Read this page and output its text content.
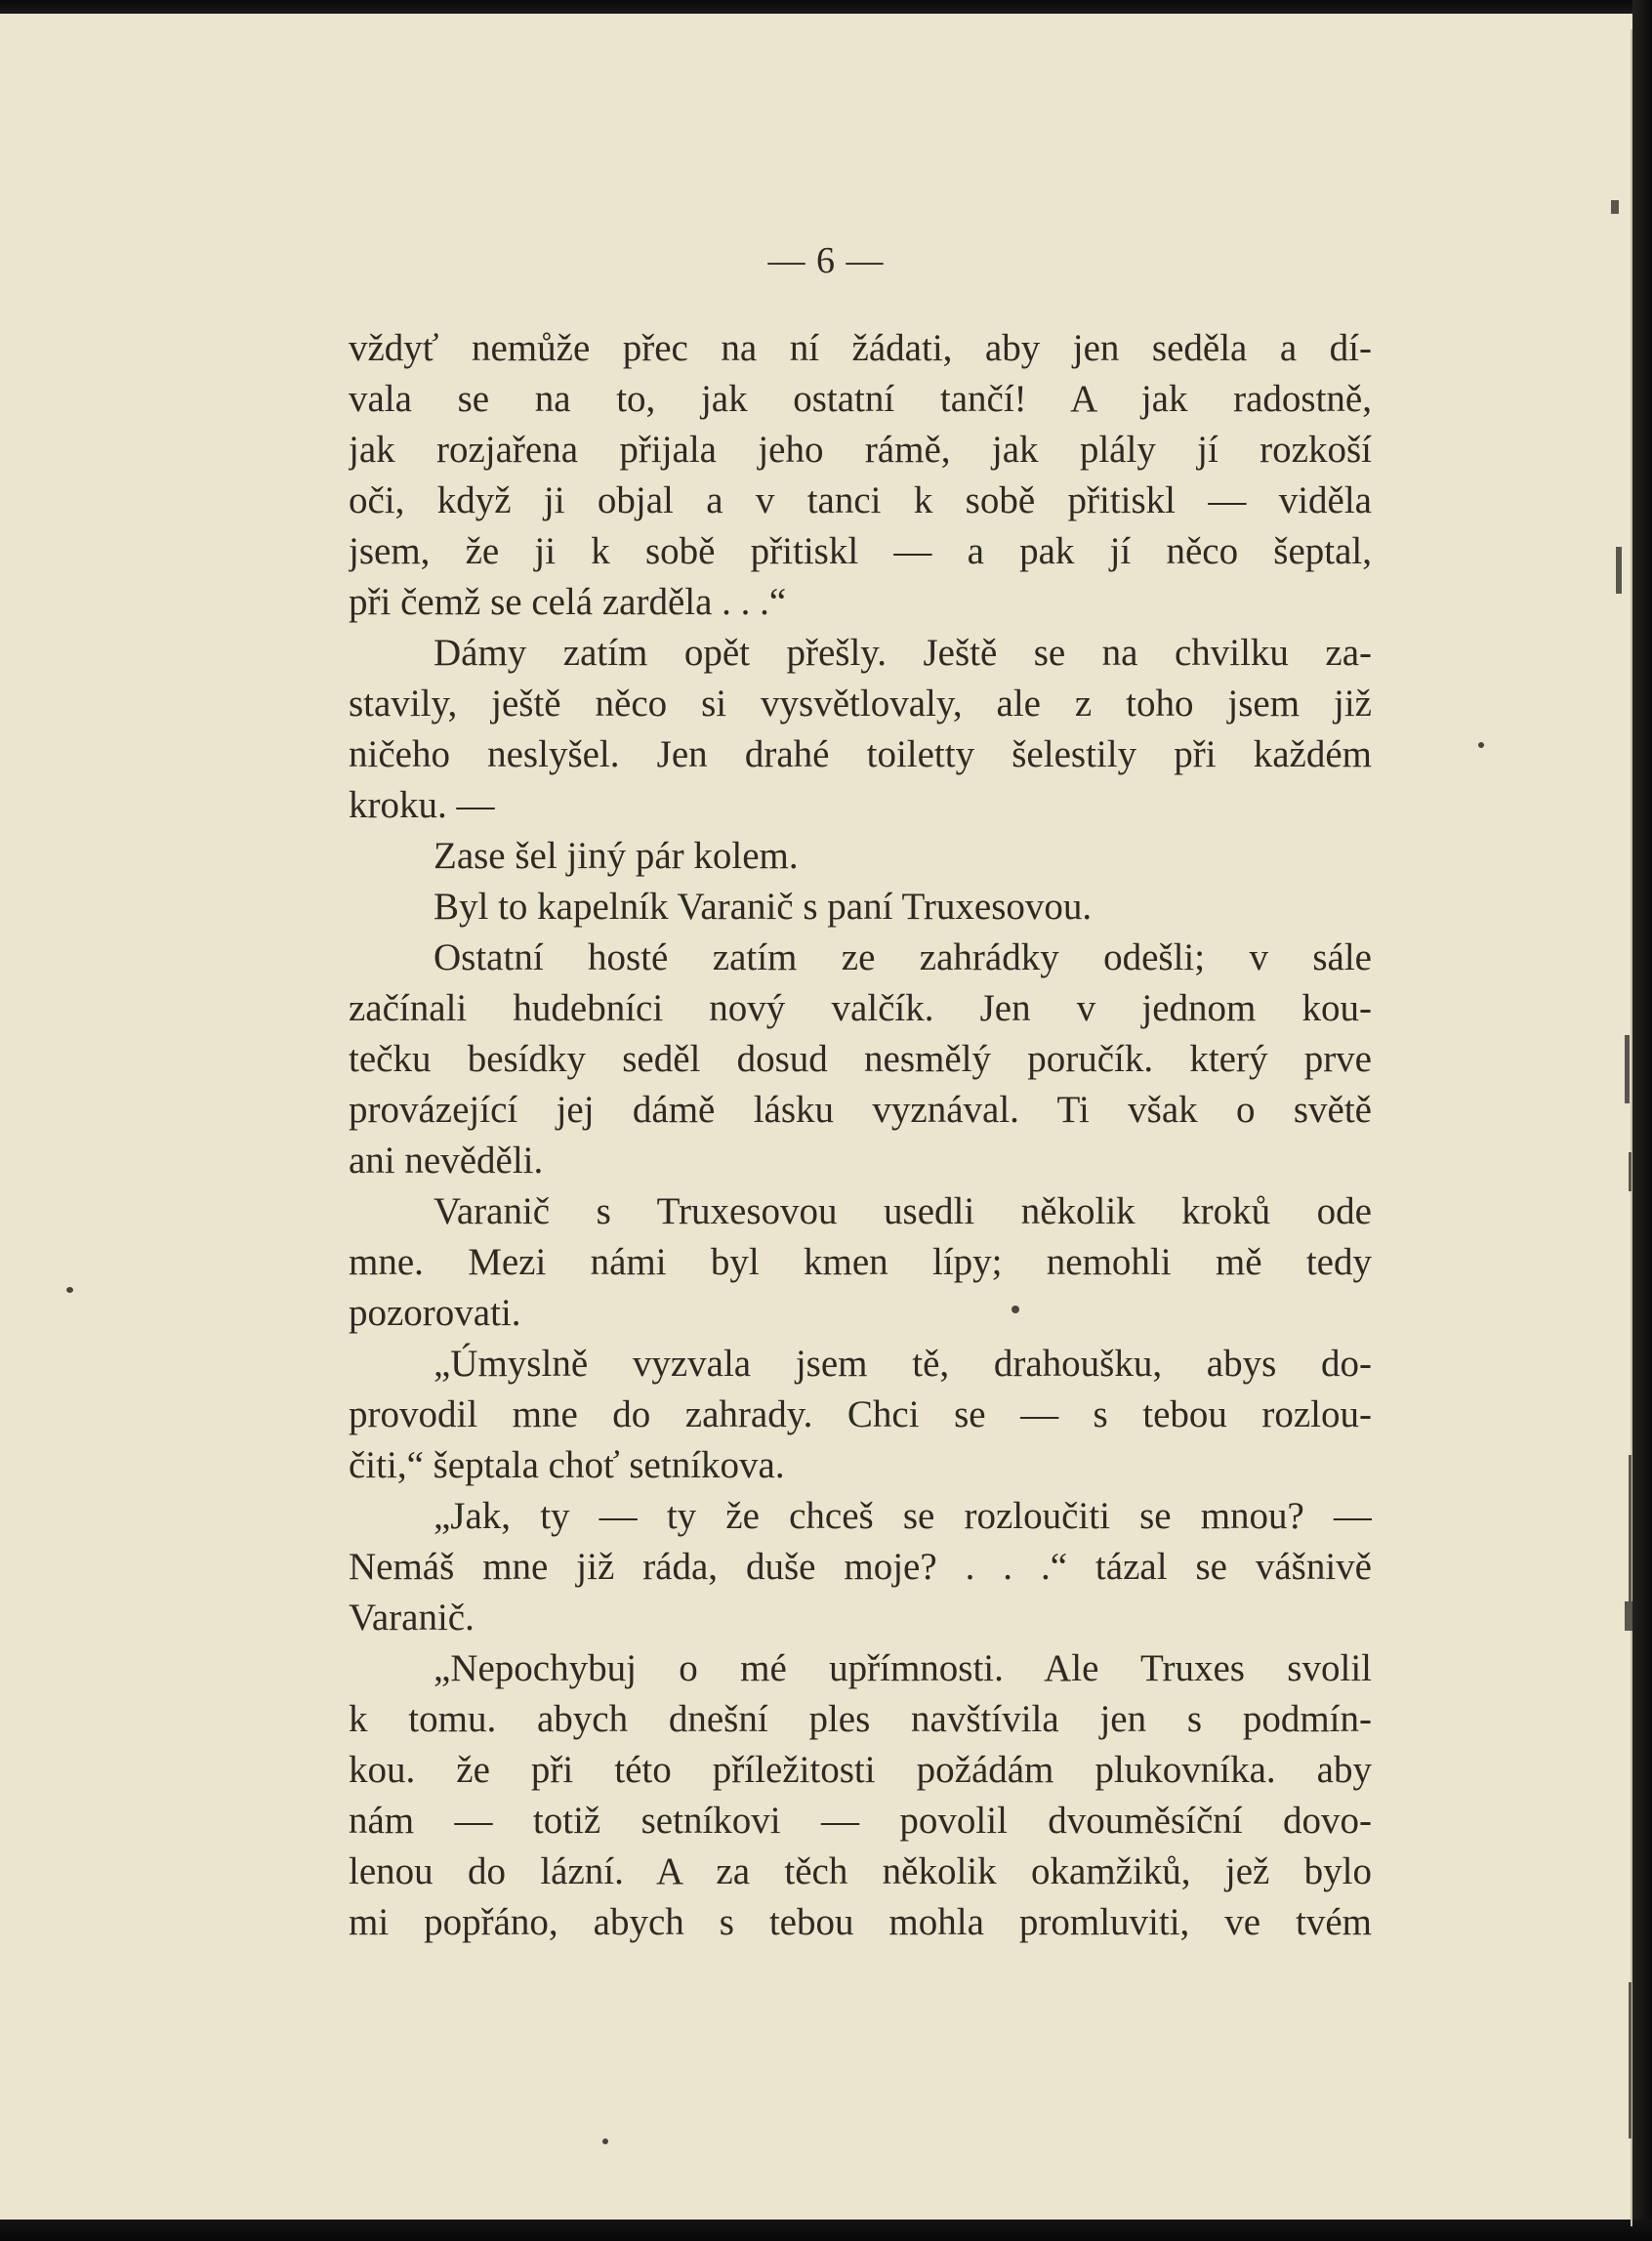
— 6 —
vždyť nemůže přec na ní žádati, aby jen seděla a dí-
vala se na to, jak ostatní tančí! A jak radostně,
jak rozjařena přijala jeho rámě, jak plály jí rozkoší
oči, když ji objal a v tanci k sobě přitiskl — viděla
jsem, že ji k sobě přitiskl — a pak jí něco šeptal,
při čemž se celá zarděla . . .“
Dámy zatím opět přešly. Ještě se na chvilku za-
stavily, ještě něco si vysvětlovaly, ale z toho jsem již
ničeho neslyšel. Jen drahé toiletty šelestily při každém
kroku. —
Zase šel jiný pár kolem.
Byl to kapelník Varanič s paní Truxesovou.
Ostatní hosté zatím ze zahrádky odešli; v sále
začínali hudebníci nový valčík. Jen v jednom kou-
tečku besídky seděl dosud nesmělý poručík. který prve
provázející jej dámě lásku vyznával. Ti však o světě
ani nevěděli.
Varanič s Truxesovou usedli několik kroků ode
mne. Mezi námi byl kmen lípy; nemohli mě tedy
pozorovati.
„Úmyslně vyzvala jsem tě, drahoušku, abys do-
provodil mne do zahrady. Chci se — s tebou rozlou-
čiti,“ šeptala choť setníkova.
„Jak, ty — ty že chceš se rozloučiti se mnou? —
Nemáš mne již ráda, duše moje? . . .“ tázal se vášnivě
Varanič.
„Nepochybuj o mé upřímnosti. Ale Truxes svolil
k tomu. abych dnešní ples navštívila jen s podmín-
kou. že při této příležitosti požádám plukovníka. aby
nám — totiž setníkovi — povolil dvouměsíční dovo-
lenou do lázní. A za těch několik okamžiků, jež bylo
mi popřáno, abych s tebou mohla promluviti, ve tvém
